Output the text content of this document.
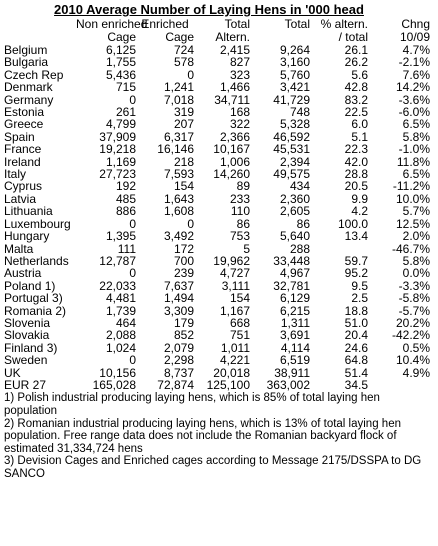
2010 Average Number of Laying Hens in '000 head
	Non enriched	Enriched	Total	Total	% altern.	Chng
	Cage	Cage	Altern.		/ total	10/09
Belgium	6,125	724	2,415	9,264	26.1	4.7%
Bulgaria	1,755	578	827	3,160	26.2	-2.1%
Czech Rep	5,436	0	323	5,760	5.6	7.6%
Denmark	715	1,241	1,466	3,421	42.8	14.2%
Germany	0	7,018	34,711	41,729	83.2	-3.6%
Estonia	261	319	168	748	22.5	-6.0%
Greece	4,799	207	322	5,328	6.0	6.5%
Spain	37,909	6,317	2,366	46,592	5.1	5.8%
France	19,218	16,146	10,167	45,531	22.3	-1.0%
Ireland	1,169	218	1,006	2,394	42.0	11.8%
Italy	27,723	7,593	14,260	49,575	28.8	6.5%
Cyprus	192	154	89	434	20.5	-11.2%
Latvia	485	1,643	233	2,360	9.9	10.0%
Lithuania	886	1,608	110	2,605	4.2	5.7%
Luxembourg	0	0	86	86	100.0	12.5%
Hungary	1,395	3,492	753	5,640	13.4	2.0%
Malta	111	172	5	288		-46.7%
Netherlands	12,787	700	19,962	33,448	59.7	5.8%
Austria	0	239	4,727	4,967	95.2	0.0%
Poland 1)	22,033	7,637	3,111	32,781	9.5	-3.3%
Portugal 3)	4,481	1,494	154	6,129	2.5	-5.8%
Romania 2)	1,739	3,309	1,167	6,215	18.8	-5.7%
Slovenia	464	179	668	1,311	51.0	20.2%
Slovakia	2,088	852	751	3,691	20.4	-42.2%
Finland 3)	1,024	2,079	1,011	4,114	24.6	0.5%
Sweden	0	2,298	4,221	6,519	64.8	10.4%
UK	10,156	8,737	20,018	38,911	51.4	4.9%
EUR 27	165,028	72,874	125,100	363,002	34.5	

1) Polish industrial producing laying hens, which is 85% of total laying hen population

2) Romanian industrial producing laying hens, which is 13% of total laying hen population. Free range data does not include the Romanian backyard flock of estimated 31,334,724 hens

3) Devision Cages and Enriched cages according to Message 2175/DSSPA to DG SANCO
